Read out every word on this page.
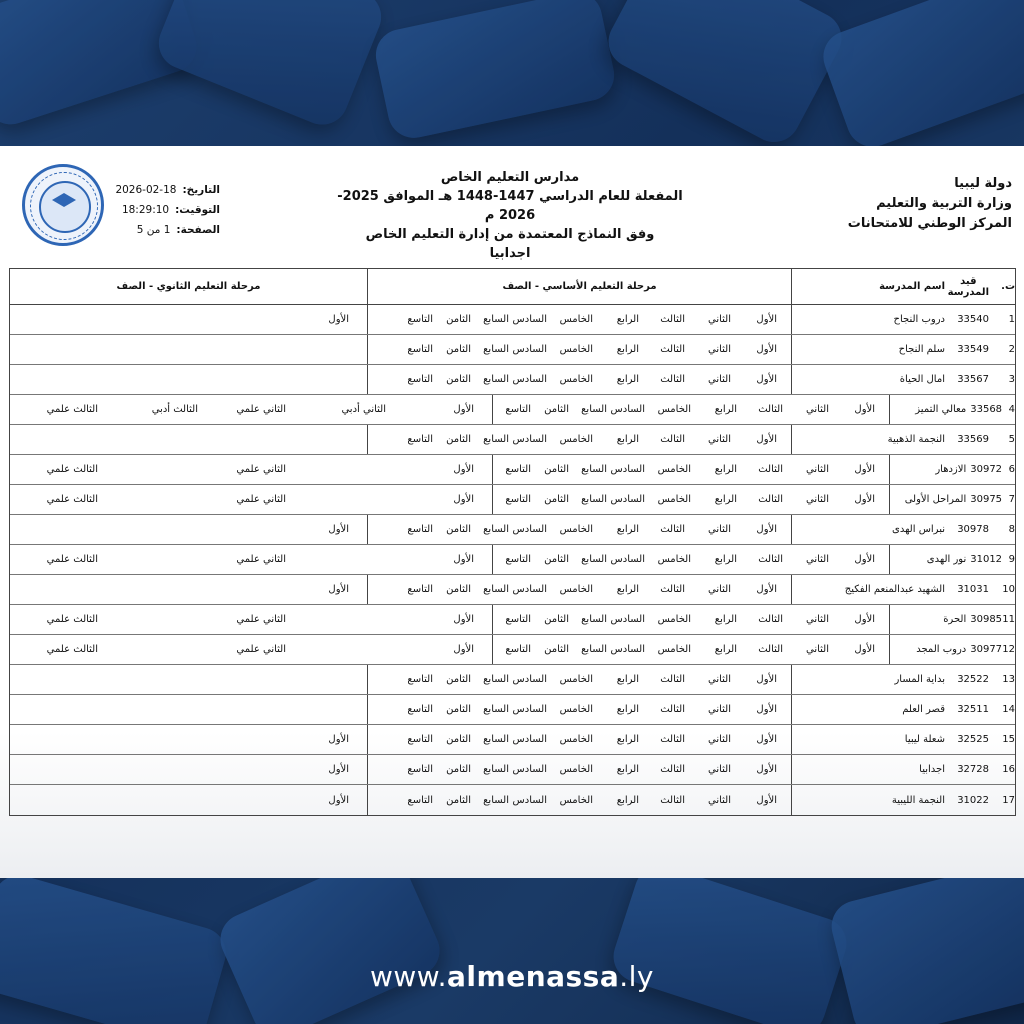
دولة ليبيا
وزارة التربية والتعليم
المركز الوطني للامتحانات
مدارس التعليم الخاص
المفعلة للعام الدراسي 1447-1448 هـ الموافق 2025-2026 م
وفق النماذج المعتمدة من إدارة التعليم الخاص
اجدابيا
التاريخ:
2026-02-18
التوقيت:
18:29:10
الصفحة:
1 من 5
ت.
قيد المدرسة
اسم المدرسة
مرحلة التعليم الأساسي - الصف
مرحلة التعليم الثانوي - الصف
1
33540
دروب النجاح
الأول
الثاني
الثالث
الرابع
الخامس
السادس
السابع
الثامن
التاسع
الأول
2
33549
سلم النجاح
الأول
الثاني
الثالث
الرابع
الخامس
السادس
السابع
الثامن
التاسع
3
33567
امال الحياة
الأول
الثاني
الثالث
الرابع
الخامس
السادس
السابع
الثامن
التاسع
4
33568
معالي التميز
الأول
الثاني
الثالث
الرابع
الخامس
السادس
السابع
الثامن
التاسع
الأول
الثاني أدبي
الثاني علمي
الثالث أدبي
الثالث علمي
5
33569
النجمة الذهبية
الأول
الثاني
الثالث
الرابع
الخامس
السادس
السابع
الثامن
التاسع
6
30972
الازدهار
الأول
الثاني
الثالث
الرابع
الخامس
السادس
السابع
الثامن
التاسع
الأول
الثاني علمي
الثالث علمي
7
30975
المراحل الأولى
الأول
الثاني
الثالث
الرابع
الخامس
السادس
السابع
الثامن
التاسع
الأول
الثاني علمي
الثالث علمي
8
30978
نبراس الهدى
الأول
الثاني
الثالث
الرابع
الخامس
السادس
السابع
الثامن
التاسع
الأول
9
31012
نور الهدى
الأول
الثاني
الثالث
الرابع
الخامس
السادس
السابع
الثامن
التاسع
الأول
الثاني علمي
الثالث علمي
10
31031
الشهيد عبدالمنعم الفكيج
الأول
الثاني
الثالث
الرابع
الخامس
السادس
السابع
الثامن
التاسع
الأول
11
30985
الحرة
الأول
الثاني
الثالث
الرابع
الخامس
السادس
السابع
الثامن
التاسع
الأول
الثاني علمي
الثالث علمي
12
30977
دروب المجد
الأول
الثاني
الثالث
الرابع
الخامس
السادس
السابع
الثامن
التاسع
الأول
الثاني علمي
الثالث علمي
13
32522
بداية المسار
الأول
الثاني
الثالث
الرابع
الخامس
السادس
السابع
الثامن
التاسع
14
32511
قصر العلم
الأول
الثاني
الثالث
الرابع
الخامس
السادس
السابع
الثامن
التاسع
15
32525
شعلة ليبيا
الأول
الثاني
الثالث
الرابع
الخامس
السادس
السابع
الثامن
التاسع
الأول
16
32728
اجدابيا
الأول
الثاني
الثالث
الرابع
الخامس
السادس
السابع
الثامن
التاسع
الأول
17
31022
النجمة الليبية
الأول
الثاني
الثالث
الرابع
الخامس
السادس
السابع
الثامن
التاسع
الأول
www.almenassa.ly
